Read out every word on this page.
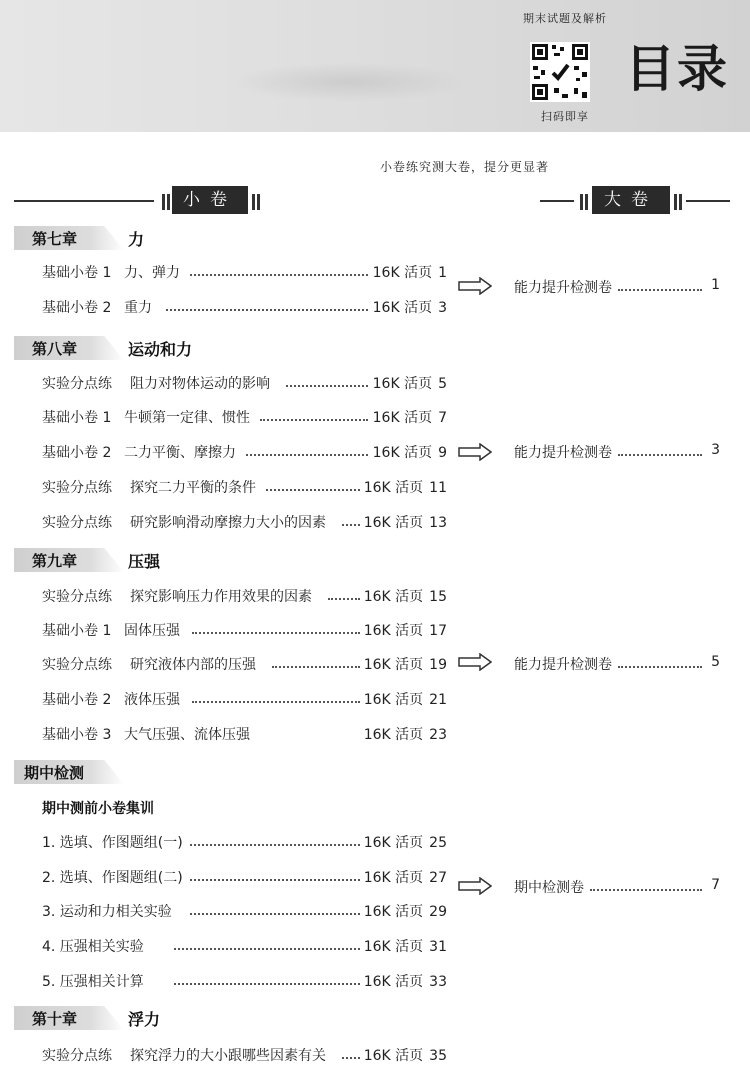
期末试题及解析
扫码即享
目录
小卷练究测大卷，提分更显著
小卷	大卷
第七章	力
第八章	运动和力
第九章	压强
期中检测
第十章	浮力
期中测前小卷集训
基础小卷 1 力、弹力	16K 活页 1
基础小卷 2 重力	16K 活页 3
实验分点练 阻力对物体运动的影响	16K 活页 5
基础小卷 1 牛顿第一定律、惯性	16K 活页 7
基础小卷 2 二力平衡、摩擦力	16K 活页 9
实验分点练 探究二力平衡的条件	16K 活页 11
实验分点练 研究影响滑动摩擦力大小的因素	16K 活页 13
实验分点练 探究影响压力作用效果的因素	16K 活页 15
基础小卷 1 固体压强	16K 活页 17
实验分点练 研究液体内部的压强	16K 活页 19
基础小卷 2 液体压强	16K 活页 21
基础小卷 3 大气压强、流体压强	16K 活页 23
1. 选填、作图题组(一)	16K 活页 25
2. 选填、作图题组(二)	16K 活页 27
3. 运动和力相关实验	16K 活页 29
4. 压强相关实验	16K 活页 31
5. 压强相关计算	16K 活页 33
实验分点练 探究浮力的大小跟哪些因素有关	16K 活页 35
能力提升检测卷	1
能力提升检测卷	3
能力提升检测卷	5
期中检测卷	7
